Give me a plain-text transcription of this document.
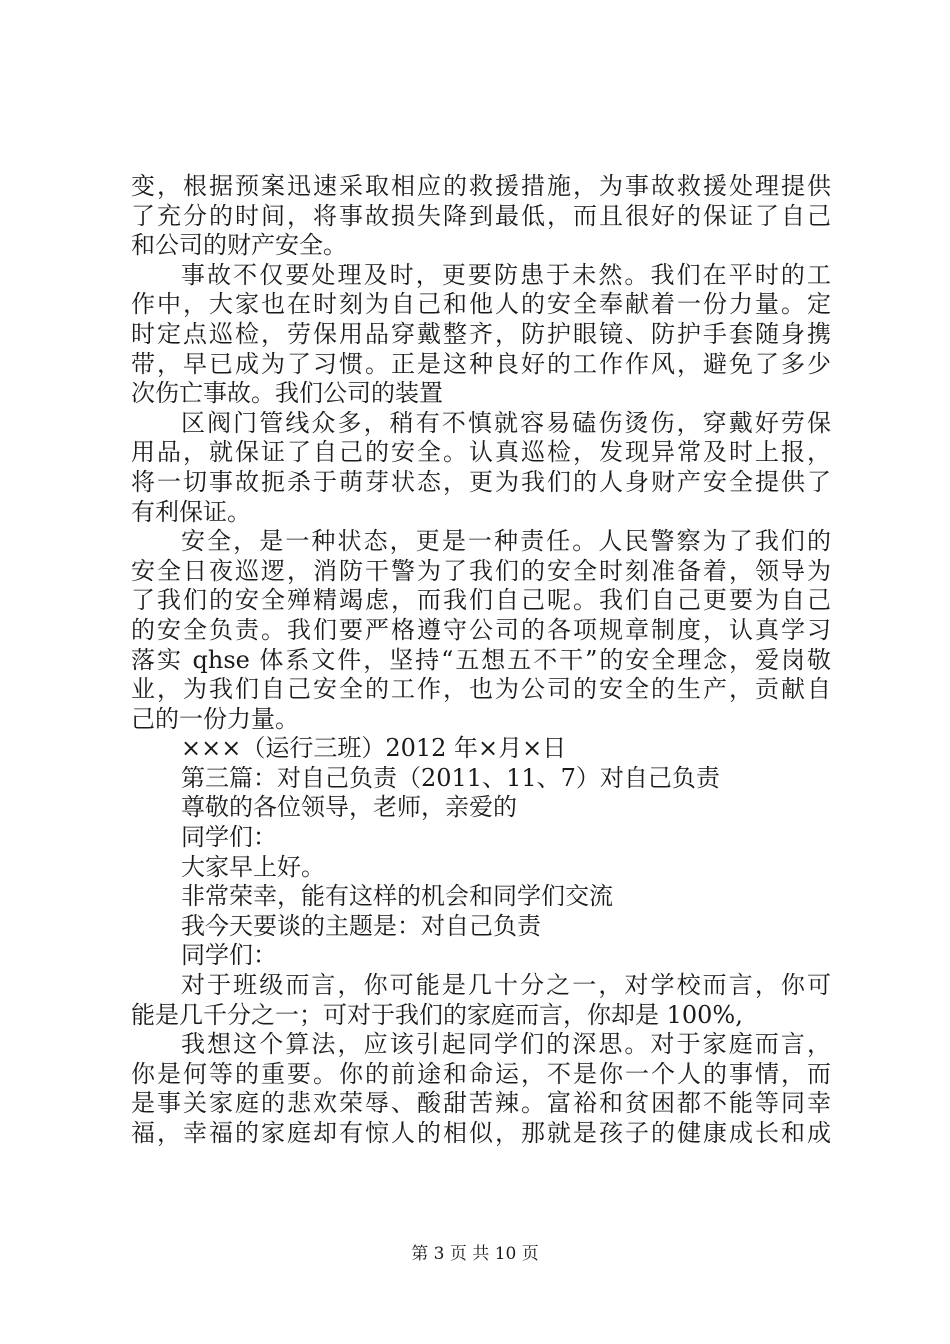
变，根据预案迅速采取相应的救援措施，为事故救援处理提供
了充分的时间，将事故损失降到最低，而且很好的保证了自己
和公司的财产安全。
事故不仅要处理及时，更要防患于未然。我们在平时的工
作中，大家也在时刻为自己和他人的安全奉献着一份力量。定
时定点巡检，劳保用品穿戴整齐，防护眼镜、防护手套随身携
带，早已成为了习惯。正是这种良好的工作作风，避免了多少
次伤亡事故。我们公司的装置
区阀门管线众多，稍有不慎就容易磕伤烫伤，穿戴好劳保
用品，就保证了自己的安全。认真巡检，发现异常及时上报，
将一切事故扼杀于萌芽状态，更为我们的人身财产安全提供了
有利保证。
安全，是一种状态，更是一种责任。人民警察为了我们的
安全日夜巡逻，消防干警为了我们的安全时刻准备着，领导为
了我们的安全殚精竭虑，而我们自己呢。我们自己更要为自己
的安全负责。我们要严格遵守公司的各项规章制度，认真学习
落实 qhse 体系文件，坚持“五想五不干”的安全理念，爱岗敬
业，为我们自己安全的工作，也为公司的安全的生产，贡献自
己的一份力量。
×××（运行三班）2012 年×月×日
第三篇：对自己负责（2011、11、7）对自己负责
尊敬的各位领导，老师，亲爱的
同学们：
大家早上好。
非常荣幸，能有这样的机会和同学们交流
我今天要谈的主题是：对自己负责
同学们：
对于班级而言，你可能是几十分之一，对学校而言，你可
能是几千分之一；可对于我们的家庭而言，你却是 100%,
我想这个算法，应该引起同学们的深思。对于家庭而言，
你是何等的重要。你的前途和命运，不是你一个人的事情，而
是事关家庭的悲欢荣辱、酸甜苦辣。富裕和贫困都不能等同幸
福，幸福的家庭却有惊人的相似，那就是孩子的健康成长和成
第 3 页 共 10 页
